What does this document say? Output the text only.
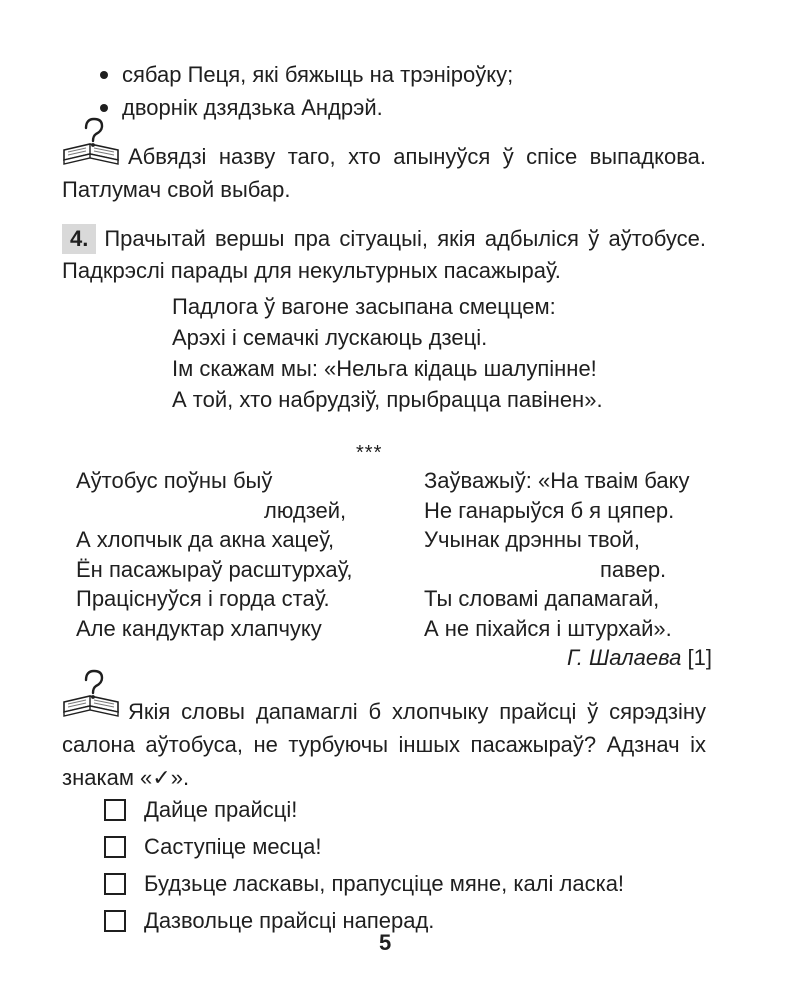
сябар Пеця, які бяжыць на трэніроўку;
дворнік дзядзька Андрэй.
Абвядзі назву таго, хто апынуўся ў спісе выпадкова.
Патлумач свой выбар.
4. Прачытай вершы пра сітуацыі, якія адбыліся ў аўтобусе.
Падкрэслі парады для некультурных пасажыраў.
Падлога ў вагоне засыпана смеццем:
Арэхі і семачкі лускаюць дзеці.
Ім скажам мы: «Нельга кідаць шалупінне!
А той, хто набрудзіў, прыбрацца павінен».
***
Аўтобус поўны быў
людзей,
А хлопчык да акна хацеў,
Ён пасажыраў расштурхаў,
Праціснуўся і горда стаў.
Але кандуктар хлапчуку
Заўважыў: «На тваім баку
Не ганарыўся б я цяпер.
Учынак дрэнны твой,
павер.
Ты словамі дапамагай,
А не піхайся і штурхай».
Г. Шалаева [1]
Якія словы дапамаглі б хлопчыку прайсці ў сярэдзіну
салона аўтобуса, не турбуючы іншых пасажыраў? Адзнач іх
знакам «✓».
Дайце прайсці!
Саступіце месца!
Будзьце ласкавы, прапусціце мяне, калі ласка!
Дазвольце прайсці наперад.
5
